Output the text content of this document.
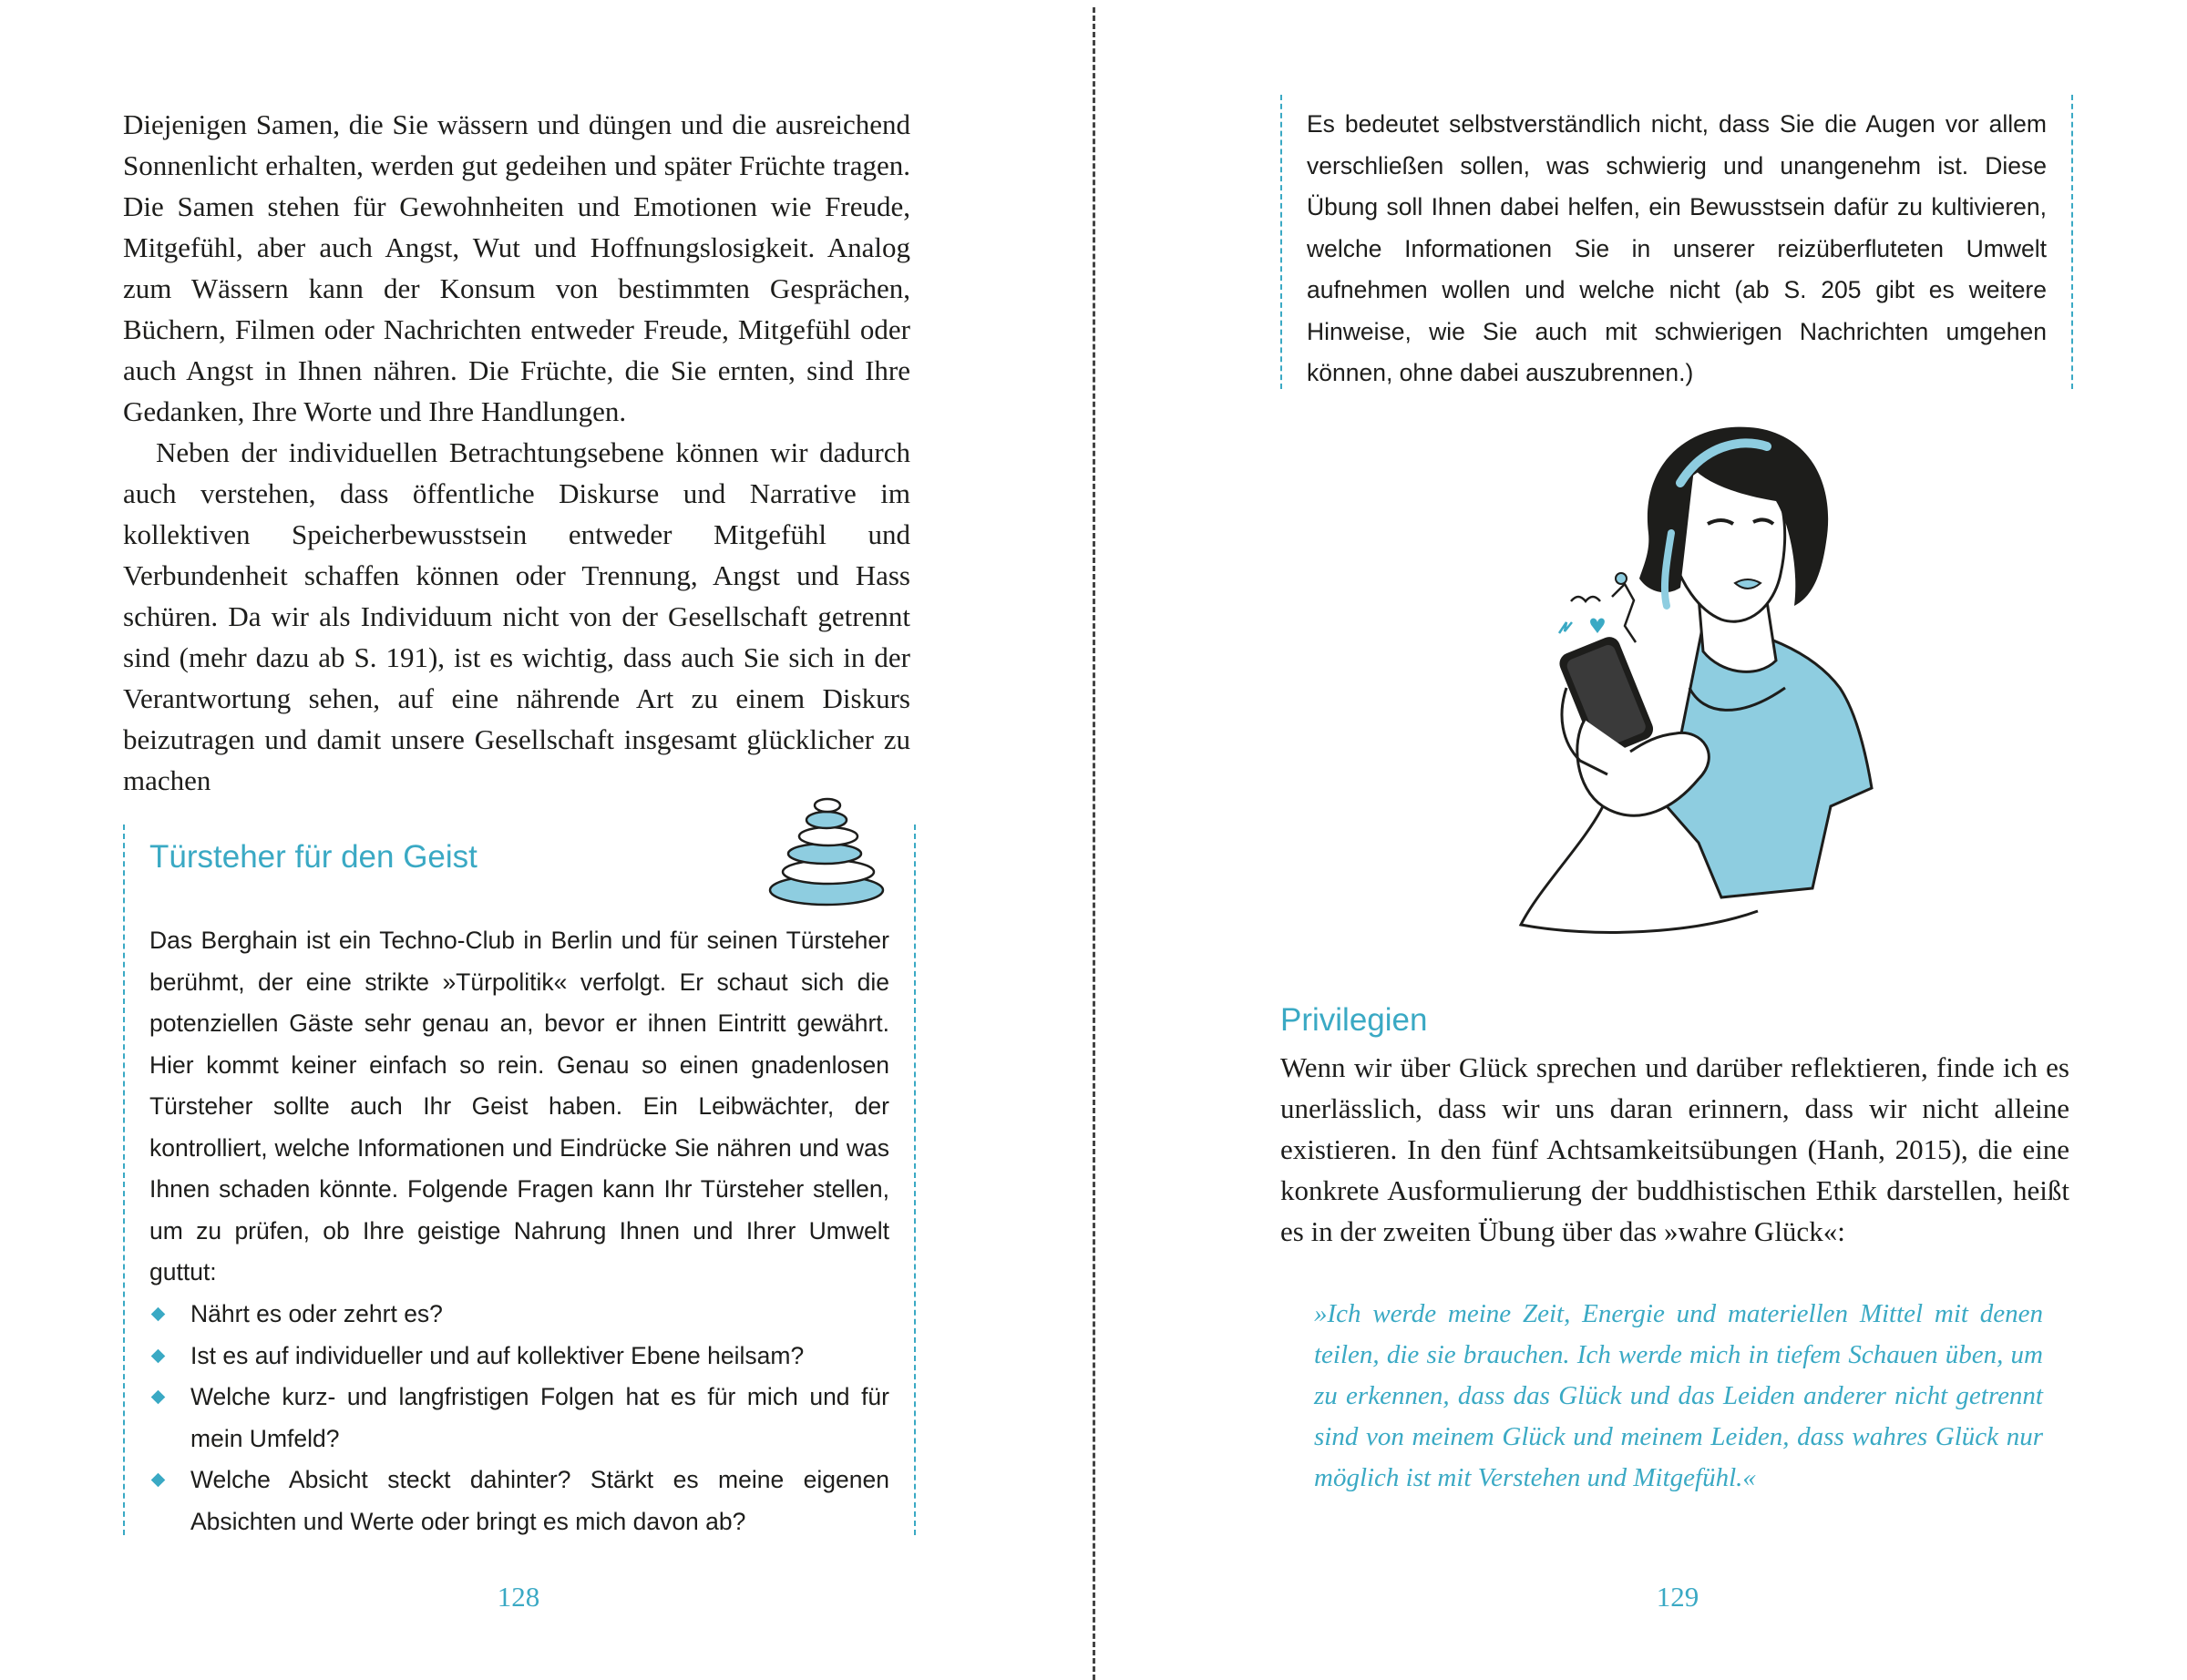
Diejenigen Samen, die Sie wässern und düngen und die ausreichend Sonnenlicht erhalten, werden gut gedeihen und später Früchte tragen. Die Samen stehen für Gewohnheiten und Emotionen wie Freude, Mitgefühl, aber auch Angst, Wut und Hoffnungslosigkeit. Analog zum Wässern kann der Konsum von bestimmten Gesprächen, Büchern, Filmen oder Nachrichten entweder Freude, Mitgefühl oder auch Angst in Ihnen nähren. Die Früchte, die Sie ernten, sind Ihre Gedanken, Ihre Worte und Ihre Handlungen.

Neben der individuellen Betrachtungsebene können wir dadurch auch verstehen, dass öffentliche Diskurse und Narrative im kollektiven Speicherbewusstsein entweder Mitgefühl und Verbundenheit schaffen können oder Trennung, Angst und Hass schüren. Da wir als Individuum nicht von der Gesellschaft getrennt sind (mehr dazu ab S. 191), ist es wichtig, dass auch Sie sich in der Verantwortung sehen, auf eine nährende Art zu einem Diskurs beizutragen und damit unsere Gesellschaft insgesamt glücklicher zu machen

Türsteher für den Geist
Das Berghain ist ein Techno-Club in Berlin und für seinen Türsteher berühmt, der eine strikte »Türpolitik« verfolgt. Er schaut sich die potenziellen Gäste sehr genau an, bevor er ihnen Eintritt gewährt. Hier kommt keiner einfach so rein. Genau so einen gnadenlosen Türsteher sollte auch Ihr Geist haben. Ein Leibwächter, der kontrolliert, welche Informationen und Eindrücke Sie nähren und was Ihnen schaden könnte. Folgende Fragen kann Ihr Türsteher stellen, um zu prüfen, ob Ihre geistige Nahrung Ihnen und Ihrer Umwelt guttut:
Nährt es oder zehrt es?
Ist es auf individueller und auf kollektiver Ebene heilsam?
Welche kurz- und langfristigen Folgen hat es für mich und für mein Umfeld?
Welche Absicht steckt dahinter? Stärkt es meine eigenen Absichten und Werte oder bringt es mich davon ab?
128
Es bedeutet selbstverständlich nicht, dass Sie die Augen vor allem verschließen sollen, was schwierig und unangenehm ist. Diese Übung soll Ihnen dabei helfen, ein Bewusstsein dafür zu kultivieren, welche Informationen Sie in unserer reizüberfluteten Umwelt aufnehmen wollen und welche nicht (ab S. 205 gibt es weitere Hinweise, wie Sie auch mit schwierigen Nachrichten umgehen können, ohne dabei auszubrennen.)
Privilegien

Wenn wir über Glück sprechen und darüber reflektieren, finde ich es unerlässlich, dass wir uns daran erinnern, dass wir nicht alleine existieren. In den fünf Achtsamkeitsübungen (Hanh, 2015), die eine konkrete Ausformulierung der buddhistischen Ethik darstellen, heißt es in der zweiten Übung über das »wahre Glück«:

»Ich werde meine Zeit, Energie und materiellen Mittel mit denen teilen, die sie brauchen. Ich werde mich in tiefem Schauen üben, um zu erkennen, dass das Glück und das Leiden anderer nicht getrennt sind von meinem Glück und meinem Leiden, dass wahres Glück nur möglich ist mit Verstehen und Mitgefühl.«
129
